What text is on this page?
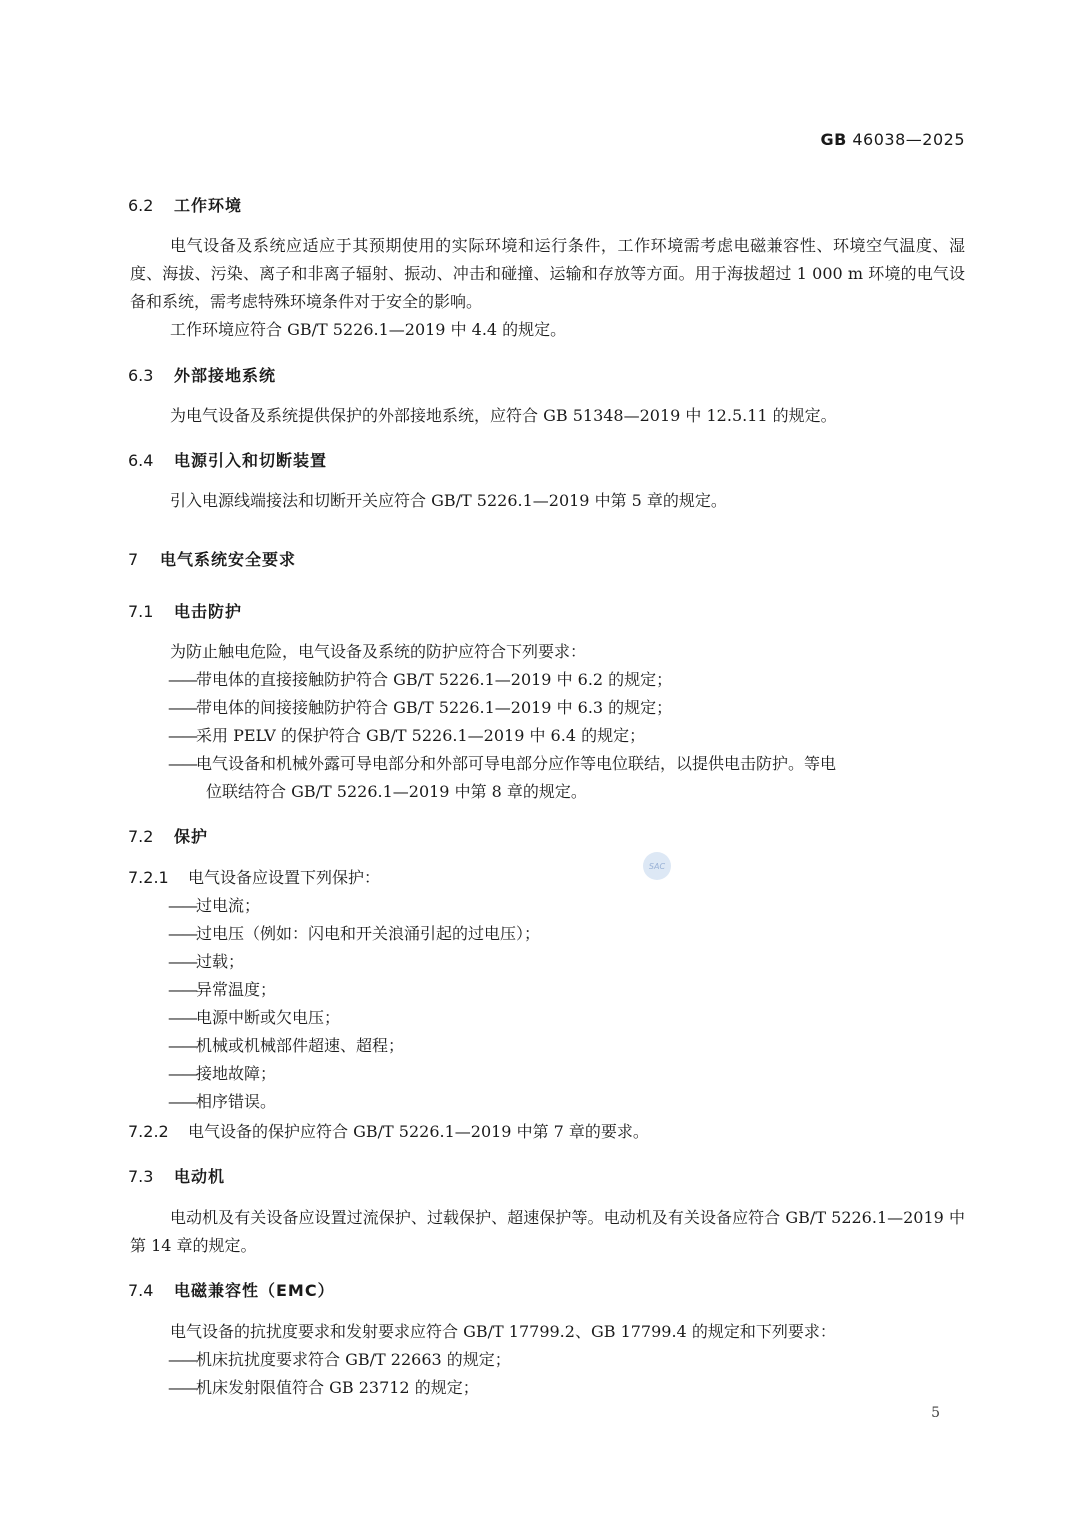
GB 46038—2025
6.2 工作环境
电气设备及系统应适应于其预期使用的实际环境和运行条件，工作环境需考虑电磁兼容性、环境空气温度、湿度、海拔、污染、离子和非离子辐射、振动、冲击和碰撞、运输和存放等方面。用于海拔超过 1 000 m 环境的电气设备和系统，需考虑特殊环境条件对于安全的影响。
工作环境应符合 GB/T 5226.1—2019 中 4.4 的规定。
6.3 外部接地系统
为电气设备及系统提供保护的外部接地系统，应符合 GB 51348—2019 中 12.5.11 的规定。
6.4 电源引入和切断装置
引入电源线端接法和切断开关应符合 GB/T 5226.1—2019 中第 5 章的规定。
7 电气系统安全要求
7.1 电击防护
为防止触电危险，电气设备及系统的防护应符合下列要求：
——带电体的直接接触防护符合 GB/T 5226.1—2019 中 6.2 的规定；
——带电体的间接接触防护符合 GB/T 5226.1—2019 中 6.3 的规定；
——采用 PELV 的保护符合 GB/T 5226.1—2019 中 6.4 的规定；
——电气设备和机械外露可导电部分和外部可导电部分应作等电位联结，以提供电击防护。等电
位联结符合 GB/T 5226.1—2019 中第 8 章的规定。
7.2 保护
SAC
7.2.1 电气设备应设置下列保护：
——过电流；
——过电压（例如：闪电和开关浪涌引起的过电压）；
——过载；
——异常温度；
——电源中断或欠电压；
——机械或机械部件超速、超程；
——接地故障；
——相序错误。
7.2.2 电气设备的保护应符合 GB/T 5226.1—2019 中第 7 章的要求。
7.3 电动机
电动机及有关设备应设置过流保护、过载保护、超速保护等。电动机及有关设备应符合 GB/T 5226.1—2019 中第 14 章的规定。
7.4 电磁兼容性（EMC）
电气设备的抗扰度要求和发射要求应符合 GB/T 17799.2、GB 17799.4 的规定和下列要求：
——机床抗扰度要求符合 GB/T 22663 的规定；
——机床发射限值符合 GB 23712 的规定；
5
